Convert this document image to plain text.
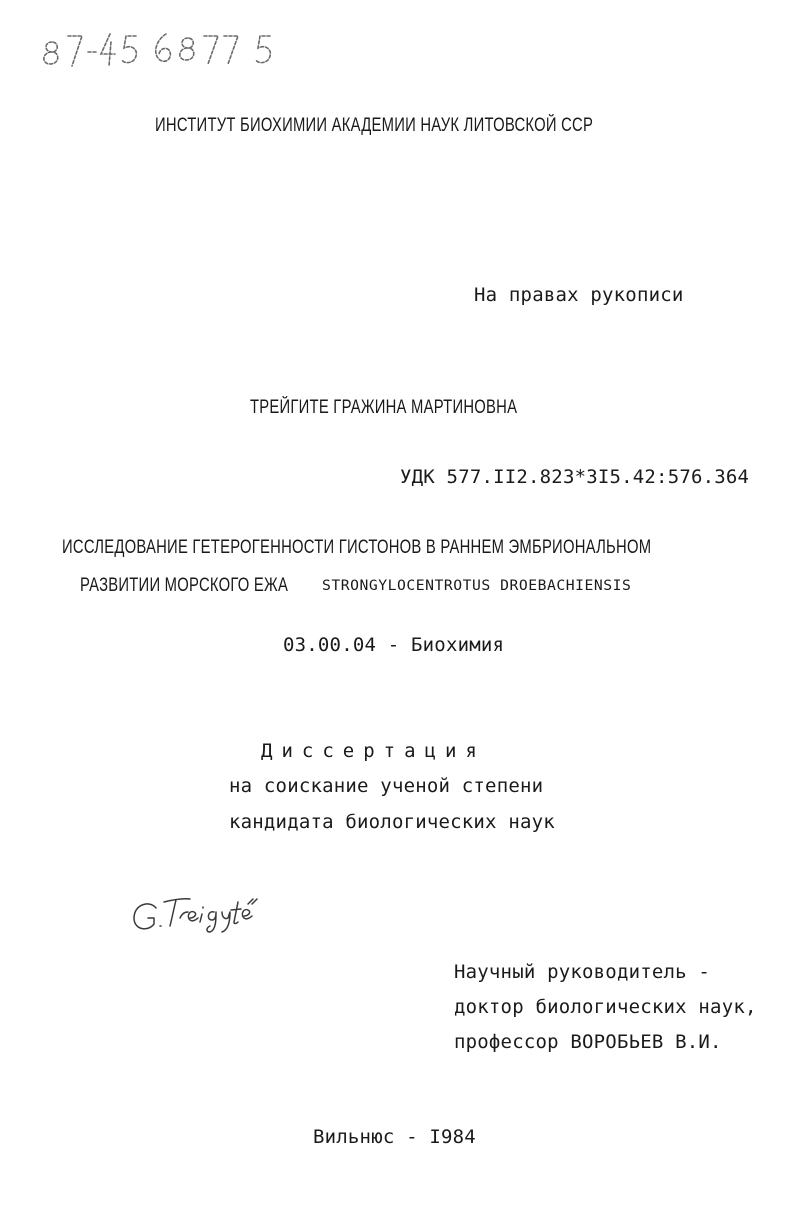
ИНСТИТУТ БИОХИМИИ АКАДЕМИИ НАУК ЛИТОВСКОЙ ССР
На правах рукописи
ТРЕЙГИТЕ ГРАЖИНА МАРТИНОВНА
УДК 577.II2.823*3I5.42:576.364
ИССЛЕДОВАНИЕ ГЕТЕРОГЕННОСТИ ГИСТОНОВ В РАННЕМ ЭМБРИОНАЛЬНОМ
РАЗВИТИИ МОРСКОГО ЕЖА	STRONGYLOCENTROTUS DROEBACHIENSIS
03.00.04 - Биохимия
Диссертация
на соискание ученой степени
кандидата биологических наук
Научный руководитель -
доктор биологических наук,
профессор ВОРОБЬЕВ В.И.
Вильнюс - I984
